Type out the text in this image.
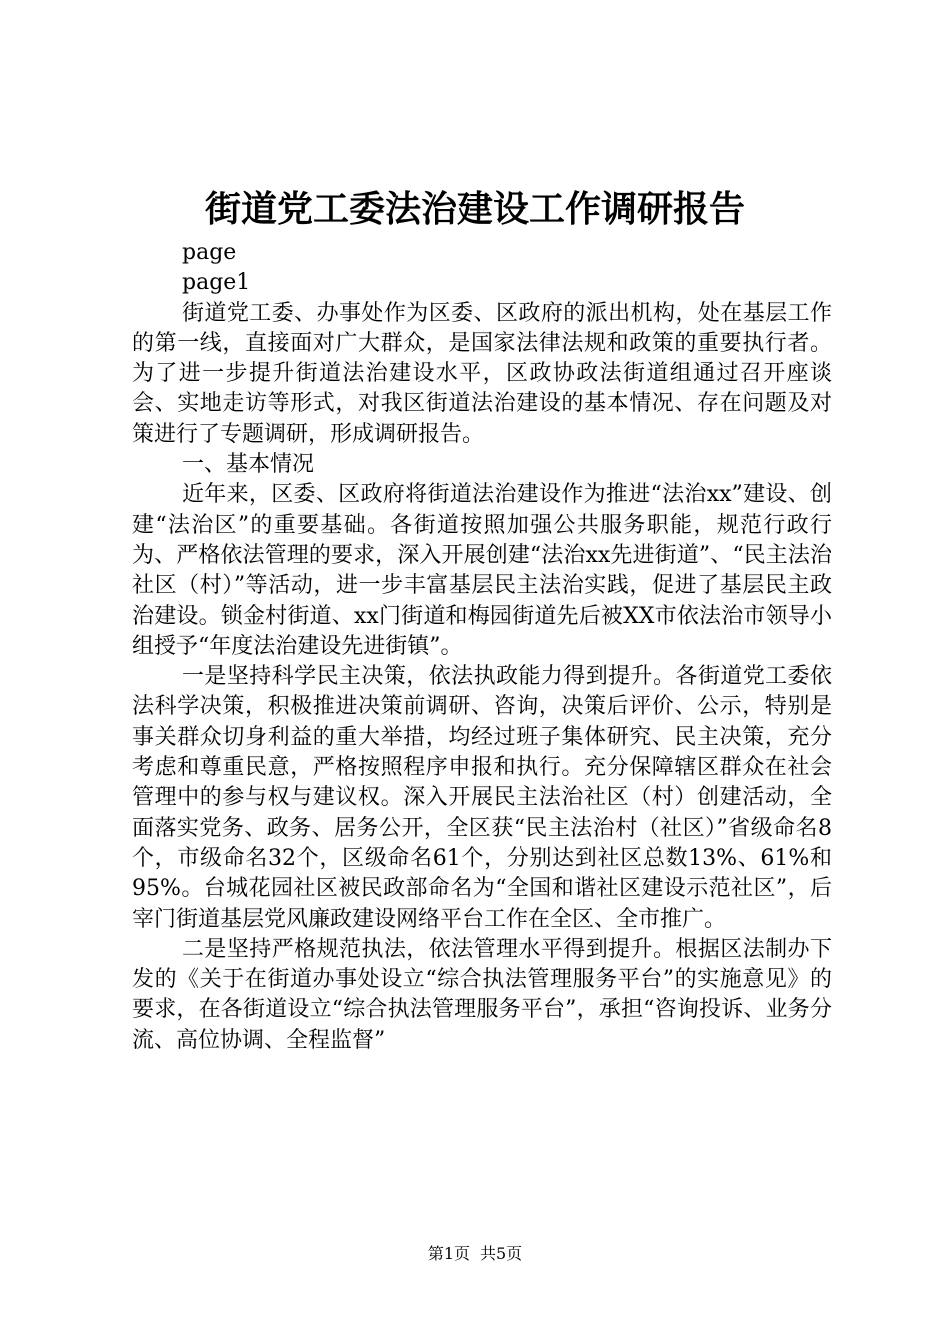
街道党工委法治建设工作调研报告

page

page1

街道党工委、办事处作为区委、区政府的派出机构，处在基层工作的第一线，直接面对广大群众，是国家法律法规和政策的重要执行者。为了进一步提升街道法治建设水平，区政协政法街道组通过召开座谈会、实地走访等形式，对我区街道法治建设的基本情况、存在问题及对策进行了专题调研，形成调研报告。

一、基本情况

近年来，区委、区政府将街道法治建设作为推进“法治xx”建设、创建“法治区”的重要基础。各街道按照加强公共服务职能，规范行政行为、严格依法管理的要求，深入开展创建“法治xx先进街道”、“民主法治社区（村）”等活动，进一步丰富基层民主法治实践，促进了基层民主政治建设。锁金村街道、xx门街道和梅园街道先后被XX市依法治市领导小组授予“年度法治建设先进街镇”。

一是坚持科学民主决策，依法执政能力得到提升。各街道党工委依法科学决策，积极推进决策前调研、咨询，决策后评价、公示，特别是事关群众切身利益的重大举措，均经过班子集体研究、民主决策，充分考虑和尊重民意，严格按照程序申报和执行。充分保障辖区群众在社会管理中的参与权与建议权。深入开展民主法治社区（村）创建活动，全面落实党务、政务、居务公开，全区获“民主法治村（社区）”省级命名8个，市级命名32个，区级命名61个，分别达到社区总数13%、61%和95%。台城花园社区被民政部命名为“全国和谐社区建设示范社区”，后宰门街道基层党风廉政建设网络平台工作在全区、全市推广。

二是坚持严格规范执法，依法管理水平得到提升。根据区法制办下发的《关于在街道办事处设立“综合执法管理服务平台”的实施意见》的要求，在各街道设立“综合执法管理服务平台”，承担“咨询投诉、业务分流、高位协调、全程监督”

第1页 共5页
